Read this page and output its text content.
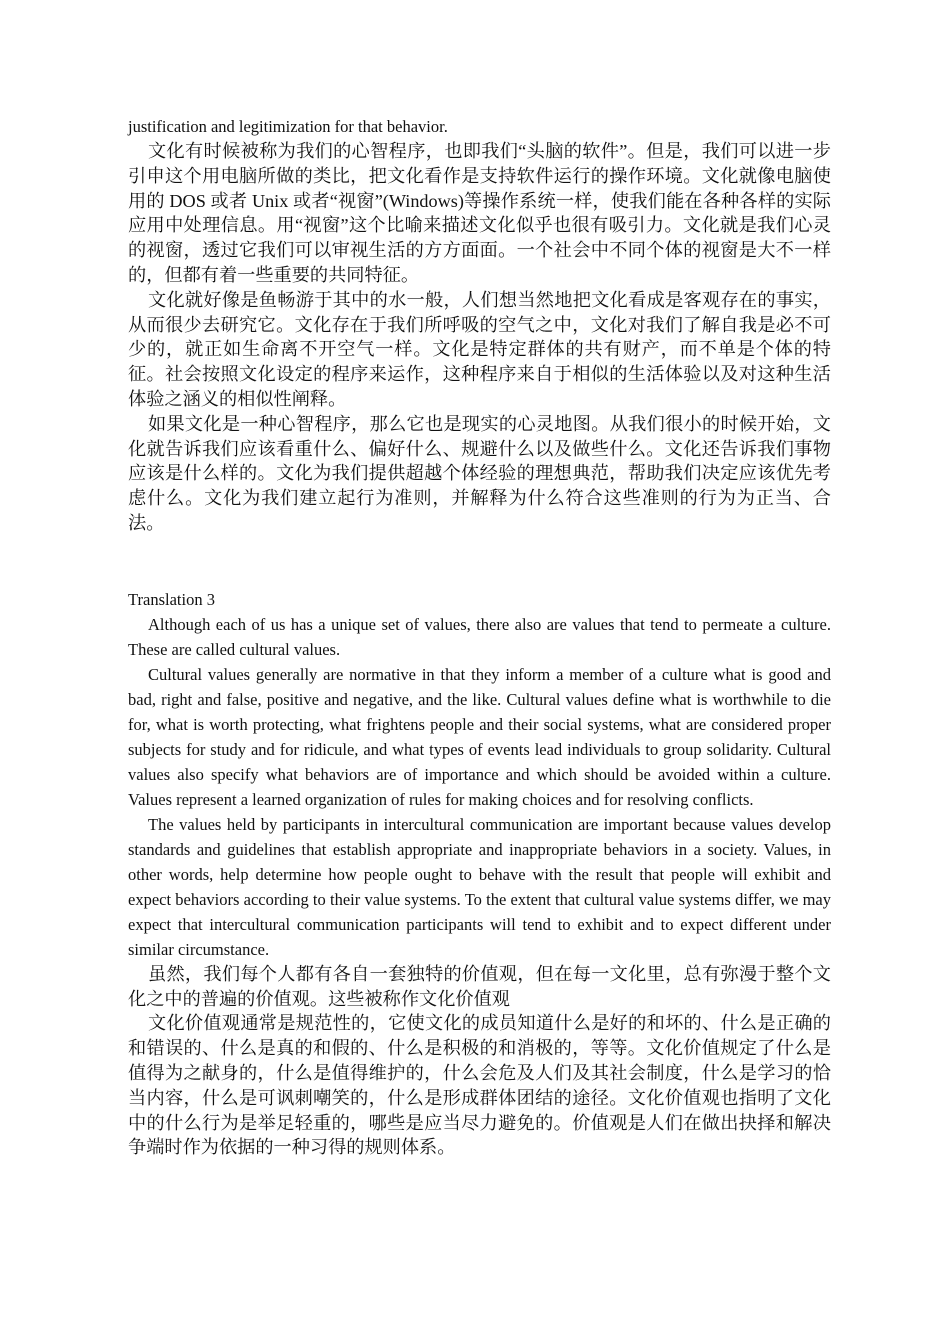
justification and legitimization for that behavior.

文化有时候被称为我们的心智程序，也即我们“头脑的软件”。但是，我们可以进一步引申这个用电脑所做的类比，把文化看作是支持软件运行的操作环境。文化就像电脑使用的 DOS 或者 Unix 或者“视窗”(Windows)等操作系统一样，使我们能在各种各样的实际应用中处理信息。用“视窗”这个比喻来描述文化似乎也很有吸引力。文化就是我们心灵的视窗，透过它我们可以审视生活的方方面面。一个社会中不同个体的视窗是大不一样的，但都有着一些重要的共同特征。

文化就好像是鱼畅游于其中的水一般，人们想当然地把文化看成是客观存在的事实，从而很少去研究它。文化存在于我们所呼吸的空气之中，文化对我们了解自我是必不可少的，就正如生命离不开空气一样。文化是特定群体的共有财产，而不单是个体的特征。社会按照文化设定的程序来运作，这种程序来自于相似的生活体验以及对这种生活体验之涵义的相似性阐释。

如果文化是一种心智程序，那么它也是现实的心灵地图。从我们很小的时候开始，文化就告诉我们应该看重什么、偏好什么、规避什么以及做些什么。文化还告诉我们事物应该是什么样的。文化为我们提供超越个体经验的理想典范，帮助我们决定应该优先考虑什么。文化为我们建立起行为准则，并解释为什么符合这些准则的行为为正当、合法。

Translation 3

Although each of us has a unique set of values, there also are values that tend to permeate a culture. These are called cultural values.

Cultural values generally are normative in that they inform a member of a culture what is good and bad, right and false, positive and negative, and the like. Cultural values define what is worthwhile to die for, what is worth protecting, what frightens people and their social systems, what are considered proper subjects for study and for ridicule, and what types of events lead individuals to group solidarity. Cultural values also specify what behaviors are of importance and which should be avoided within a culture. Values represent a learned organization of rules for making choices and for resolving conflicts.

The values held by participants in intercultural communication are important because values develop standards and guidelines that establish appropriate and inappropriate behaviors in a society. Values, in other words, help determine how people ought to behave with the result that people will exhibit and expect behaviors according to their value systems. To the extent that cultural value systems differ, we may expect that intercultural communication participants will tend to exhibit and to expect different under similar circumstance.

虽然，我们每个人都有各自一套独特的价值观，但在每一文化里，总有弥漫于整个文化之中的普遍的价值观。这些被称作文化价值观

文化价值观通常是规范性的，它使文化的成员知道什么是好的和坏的、什么是正确的和错误的、什么是真的和假的、什么是积极的和消极的，等等。文化价值规定了什么是值得为之献身的，什么是值得维护的，什么会危及人们及其社会制度，什么是学习的恰当内容，什么是可讽刺嘲笑的，什么是形成群体团结的途径。文化价值观也指明了文化中的什么行为是举足轻重的，哪些是应当尽力避免的。价值观是人们在做出抉择和解决争端时作为依据的一种习得的规则体系。
